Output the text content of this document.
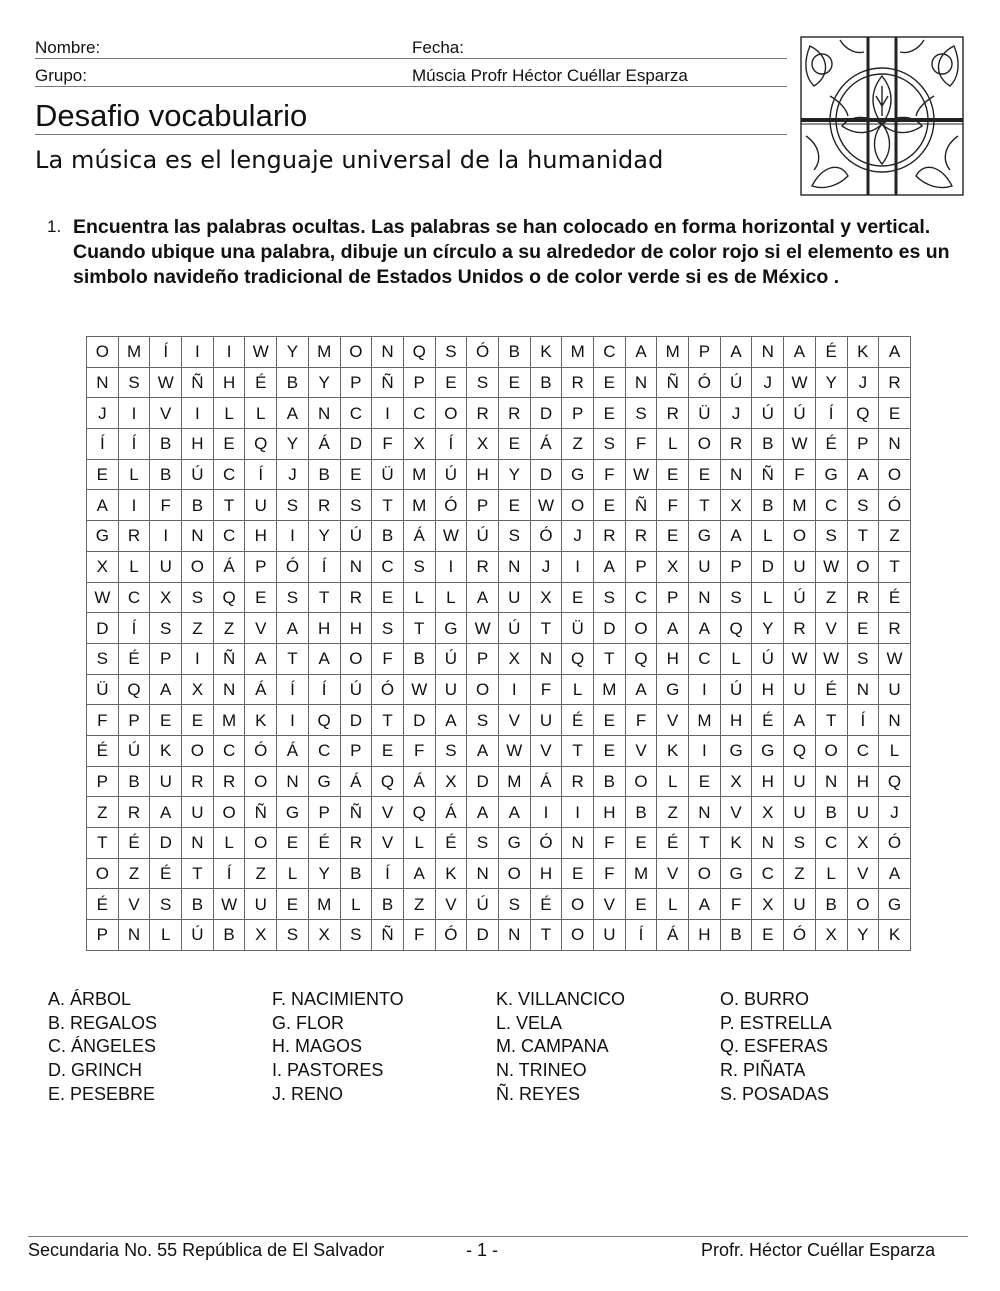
Nombre:	Fecha:
Grupo:	Múscia Profr Héctor Cuéllar Esparza
Desafio vocabulario
La música es el lenguaje universal de la humanidad
1. Encuentra las palabras ocultas. Las palabras se han colocado en forma horizontal y vertical. Cuando ubique una palabra, dibuje un círculo a su alrededor de color rojo si el elemento es un simbolo navideño tradicional de Estados Unidos o de color verde si es de México .
O	M	Í	I	I	W	Y	M	O	N	Q	S	Ó	B	K	M	C	A	M	P	A	N	A	É	K	A
N	S	W	Ñ	H	É	B	Y	P	Ñ	P	E	S	E	B	R	E	N	Ñ	Ó	Ú	J	W	Y	J	R
J	I	V	I	L	L	A	N	C	I	C	O	R	R	D	P	E	S	R	Ü	J	Ú	Ú	Í	Q	E
Í	Í	B	H	E	Q	Y	Á	D	F	X	Í	X	E	Á	Z	S	F	L	O	R	B	W	É	P	N
E	L	B	Ú	C	Í	J	B	E	Ü	M	Ú	H	Y	D	G	F	W	E	E	N	Ñ	F	G	A	O
A	I	F	B	T	U	S	R	S	T	M	Ó	P	E	W	O	E	Ñ	F	T	X	B	M	C	S	Ó
G	R	I	N	C	H	I	Y	Ú	B	Á	W	Ú	S	Ó	J	R	R	E	G	A	L	O	S	T	Z
X	L	U	O	Á	P	Ó	Í	N	C	S	I	R	N	J	I	A	P	X	U	P	D	U	W	O	T
W	C	X	S	Q	E	S	T	R	E	L	L	A	U	X	E	S	C	P	N	S	L	Ú	Z	R	É
D	Í	S	Z	Z	V	A	H	H	S	T	G	W	Ú	T	Ü	D	O	A	A	Q	Y	R	V	E	R
S	É	P	I	Ñ	A	T	A	O	F	B	Ú	P	X	N	Q	T	Q	H	C	L	Ú	W	W	S	W
Ü	Q	A	X	N	Á	Í	Í	Ú	Ó	W	U	O	I	F	L	M	A	G	I	Ú	H	U	É	N	U
F	P	E	E	M	K	I	Q	D	T	D	A	S	V	U	É	E	F	V	M	H	É	A	T	Í	N
É	Ú	K	O	C	Ó	Á	C	P	E	F	S	A	W	V	T	E	V	K	I	G	G	Q	O	C	L
P	B	U	R	R	O	N	G	Á	Q	Á	X	D	M	Á	R	B	O	L	E	X	H	U	N	H	Q
Z	R	A	U	O	Ñ	G	P	Ñ	V	Q	Á	A	A	I	I	H	B	Z	N	V	X	U	B	U	J
T	É	D	N	L	O	E	É	R	V	L	É	S	G	Ó	N	F	E	É	T	K	N	S	C	X	Ó
O	Z	É	T	Í	Z	L	Y	B	Í	A	K	N	O	H	E	F	M	V	O	G	C	Z	L	V	A
É	V	S	B	W	U	E	M	L	B	Z	V	Ú	S	É	O	V	E	L	A	F	X	U	B	O	G
P	N	L	Ú	B	X	S	X	S	Ñ	F	Ó	D	N	T	O	U	Í	Á	H	B	E	Ó	X	Y	K
A. ÁRBOL
B. REGALOS
C. ÁNGELES
D. GRINCH
E. PESEBRE
F. NACIMIENTO
G. FLOR
H. MAGOS
I. PASTORES
J. RENO
K. VILLANCICO
L. VELA
M. CAMPANA
N. TRINEO
Ñ. REYES
O. BURRO
P. ESTRELLA
Q. ESFERAS
R. PIÑATA
S. POSADAS
Secundaria No. 55 República de El Salvador	- 1 -	Profr. Héctor Cuéllar Esparza
